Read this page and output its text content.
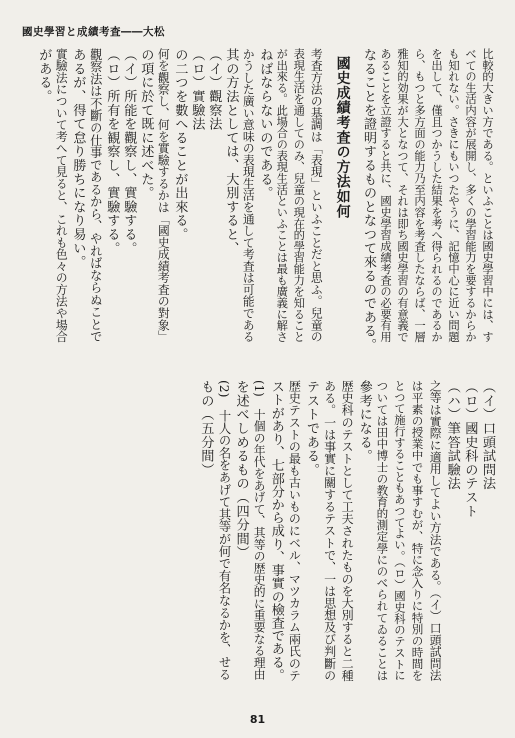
國史學習と成績考査――大松
比較的大きい方である。といふことは國史學習中には、す
べての生活内容が展開し、多くの學習能力を要するからか
も知れない。さきにもいつたやうに、記憶中心に近い問題
を出して、僅且つかうした結果を考へ得られるのであるか
ら、もつと多方面の能力乃至内容を考査したならば、一層
雅知的効果が大となつて、それは即ち國史學習の有意義で
あることを立證すると共に、國史學習成績考査の必要有用
なることを證明するものとなつて來るのである。
國史成績考査の方法如何
考査方法の基調は「表現」といふことだと思ふ。兒童の
表現生活を通してのみ、兒童の現在的學習能力を知ること
が出來る。此場合の表現生活といふことは最も廣義に解さ
ねばならないのである。
かうした廣い意味の表現生活を通して考査は可能である
其の方法としては、大別すると、
（イ）觀察法
（ロ）實驗法
の二つを數へることが出來る。
何を觀察し、何を實驗するかは「國史成績考査の對象」
の項に於て既に述べた。
（イ）所能を觀察し、實驗する。
（ロ）所有を観察し、實驗する。
觀察法は不斷の仕事であるから、やればならぬことで
あるが、得て怠り勝ちになり易い。
實驗法について考へて見ると、これも色々の方法や場合
がある。
（イ）口頭試問法
（ロ）國史科のテスト
（ハ）筆答試驗法
之等は實際に適用してよい方法である。（イ）口頭試問法
は平素の授業中でも事すむが、特に念入りに特別の時間を
とつて施行することもあつてよい。（ロ）國史科のテストに
ついては田中博士の教育的測定學にのべられてゐることは
參考になる。
歴史科のテストとして工夫されたものを大別すると二種
ある。一は事實に關するテストで、一は思想及び判斷の
テストである。
歴史テストの最も古いものにベル、マツカラム兩氏のテ
ストがあり、七部分から成り、事實の檢査である。
(1)　十個の年代をあげて、其等の歴史的に重要なる理由
を述べしめるもの（四分間）
(2)　十人の名をあげて其等が何で有名なるかを、せる
もの（五分間）
81
